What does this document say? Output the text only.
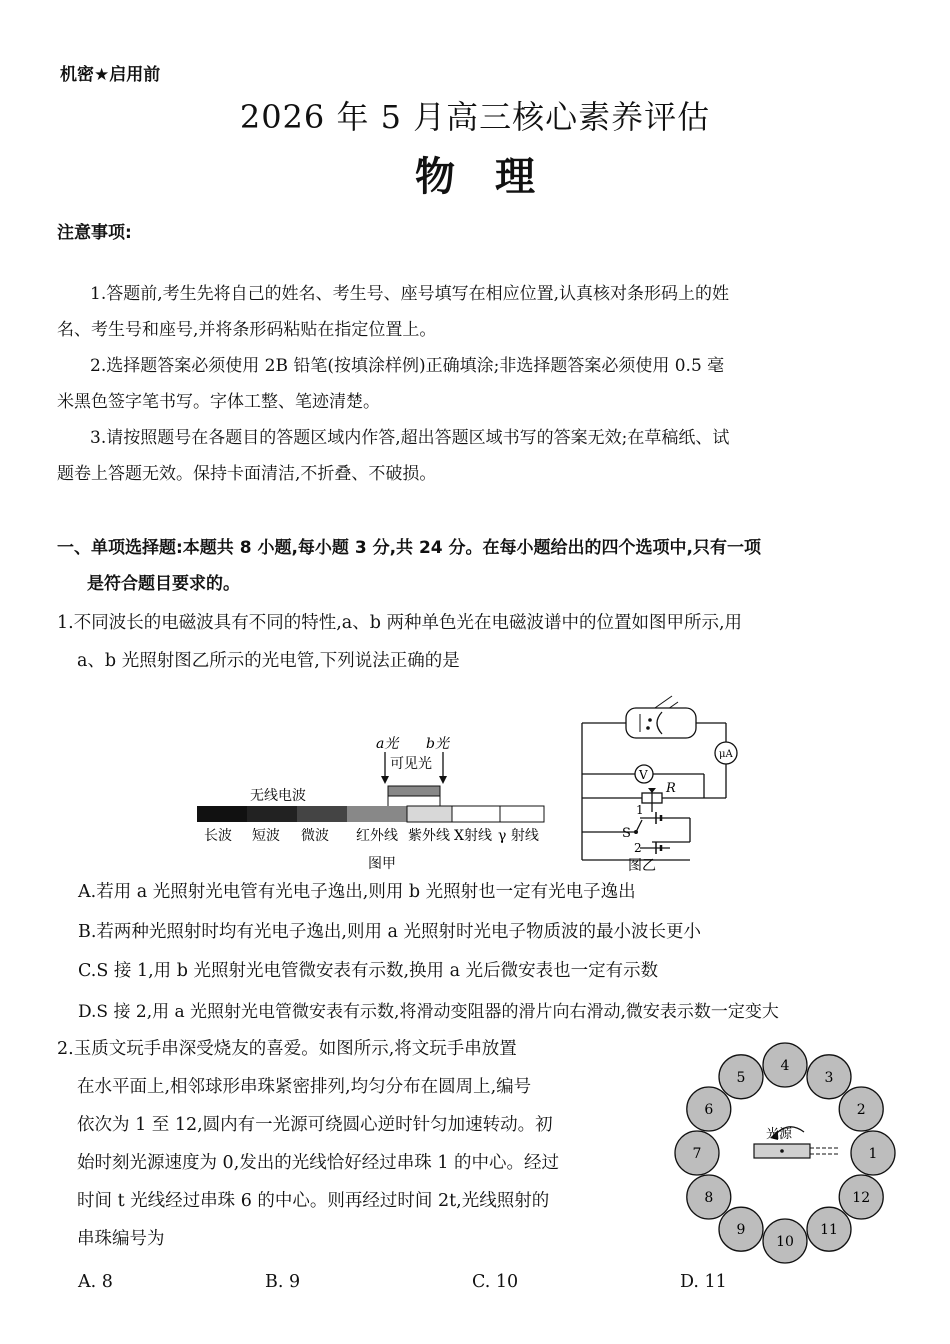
机密★启用前
2026 年 5 月高三核心素养评估
物理
注意事项:
1.答题前,考生先将自己的姓名、考生号、座号填写在相应位置,认真核对条形码上的姓
名、考生号和座号,并将条形码粘贴在指定位置上。
2.选择题答案必须使用 2B 铅笔(按填涂样例)正确填涂;非选择题答案必须使用 0.5 毫
米黑色签字笔书写。字体工整、笔迹清楚。
3.请按照题号在各题目的答题区域内作答,超出答题区域书写的答案无效;在草稿纸、试
题卷上答题无效。保持卡面清洁,不折叠、不破损。
一、单项选择题:本题共 8 小题,每小题 3 分,共 24 分。在每小题给出的四个选项中,只有一项
是符合题目要求的。
1.不同波长的电磁波具有不同的特性,a、b 两种单色光在电磁波谱中的位置如图甲所示,用
a、b 光照射图乙所示的光电管,下列说法正确的是
a光 b光
可见光
无线电波
长波 短波 微波 红外线 紫外线 X射线 γ 射线
图甲
μA
V
R
1
S
2
图乙
A.若用 a 光照射光电管有光电子逸出,则用 b 光照射也一定有光电子逸出
B.若两种光照射时均有光电子逸出,则用 a 光照射时光电子物质波的最小波长更小
C.S 接 1,用 b 光照射光电管微安表有示数,换用 a 光后微安表也一定有示数
D.S 接 2,用 a 光照射光电管微安表有示数,将滑动变阻器的滑片向右滑动,微安表示数一定变大
2.玉质文玩手串深受烧友的喜爱。如图所示,将文玩手串放置
在水平面上,相邻球形串珠紧密排列,均匀分布在圆周上,编号
依次为 1 至 12,圆内有一光源可绕圆心逆时针匀加速转动。初
始时刻光源速度为 0,发出的光线恰好经过串珠 1 的中心。经过
时间 t 光线经过串珠 6 的中心。则再经过时间 2t,光线照射的
串珠编号为
1
2
3
4
5
6
7
8
9
10
11
12
光源
A. 8	B. 9	C. 10	D. 11
